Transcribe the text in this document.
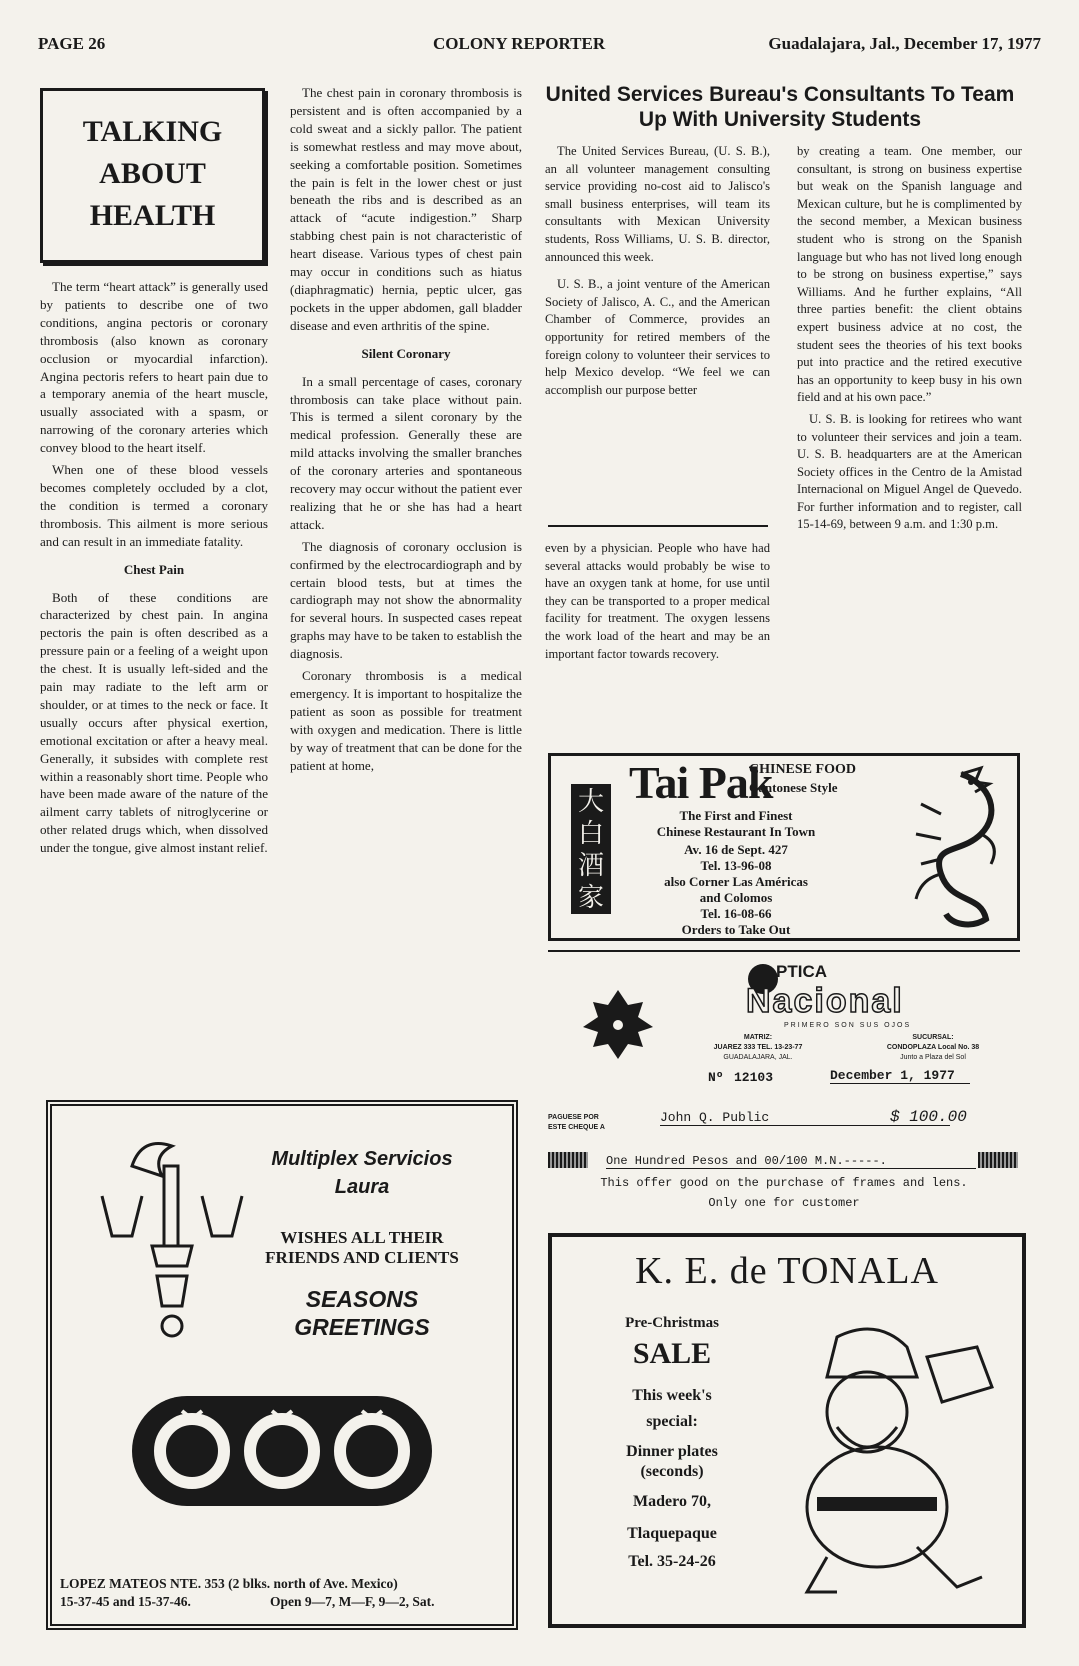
PAGE 26	COLONY REPORTER	Guadalajara, Jal., December 17, 1977
TALKING
ABOUT
HEALTH

The term “heart attack” is generally used by patients to describe one of two conditions, angina pectoris or coronary thrombosis (also known as coronary occlusion or myocardial infarction). Angina pectoris refers to heart pain due to a temporary anemia of the heart muscle, usually associated with a spasm, or narrowing of the coronary arteries which convey blood to the heart itself.

When one of these blood vessels becomes completely occluded by a clot, the condition is termed a coronary thrombosis. This ailment is more serious and can result in an immediate fatality.

Chest Pain

Both of these conditions are characterized by chest pain. In angina pectoris the pain is often described as a pressure pain or a feeling of a weight upon the chest. It is usually left-sided and the pain may radiate to the left arm or shoulder, or at times to the neck or face. It usually occurs after physical exertion, emotional excitation or after a heavy meal. Generally, it subsides with complete rest within a reasonably short time. People who have been made aware of the nature of the ailment carry tablets of nitroglycerine or other related drugs which, when dissolved under the tongue, give almost instant relief.

The chest pain in coronary thrombosis is persistent and is often accompanied by a cold sweat and a sickly pallor. The patient is somewhat restless and may move about, seeking a comfortable position. Sometimes the pain is felt in the lower chest or just beneath the ribs and is described as an attack of “acute indigestion.” Sharp stabbing chest pain is not characteristic of heart disease. Various types of chest pain may occur in conditions such as hiatus (diaphragmatic) hernia, peptic ulcer, gas pockets in the upper abdomen, gall bladder disease and even arthritis of the spine.

Silent Coronary

In a small percentage of cases, coronary thrombosis can take place without pain. This is termed a silent coronary by the medical profession. Generally these are mild attacks involving the smaller branches of the coronary arteries and spontaneous recovery may occur without the patient ever realizing that he or she has had a heart attack.

The diagnosis of coronary occlusion is confirmed by the electrocardiograph and by certain blood tests, but at times the cardiograph may not show the abnormality for several hours. In suspected cases repeat graphs may have to be taken to establish the diagnosis.

Coronary thrombosis is a medical emergency. It is important to hospitalize the patient as soon as possible for treatment with oxygen and medication. There is little by way of treatment that can be done for the patient at home,

United Services Bureau's Consultants To Team Up With University Students

The United Services Bureau, (U. S. B.), an all volunteer management consulting service providing no-cost aid to Jalisco's small business enterprises, will team its consultants with Mexican University students, Ross Williams, U. S. B. director, announced this week.

U. S. B., a joint venture of the American Society of Jalisco, A. C., and the American Chamber of Commerce, provides an opportunity for retired members of the foreign colony to volunteer their services to help Mexico develop. “We feel we can accomplish our purpose better

even by a physician. People who have had several attacks would probably be wise to have an oxygen tank at home, for use until they can be transported to a proper medical facility for treatment. The oxygen lessens the work load of the heart and may be an important factor towards recovery.

by creating a team. One member, our consultant, is strong on business expertise but weak on the Spanish language and Mexican culture, but he is complimented by the second member, a Mexican business student who is strong on the Spanish language but who has not lived long enough to be strong on business expertise,” says Williams. And he further explains, “All three parties benefit: the client obtains expert business advice at no cost, the student sees the theories of his text books put into practice and the retired executive has an opportunity to keep busy in his own field and at his own pace.”

U. S. B. is looking for retirees who want to volunteer their services and join a team. U. S. B. headquarters are at the American Society offices in the Centro de la Amistad Internacional on Miguel Angel de Quevedo. For further information and to register, call 15-14-69, between 9 a.m. and 1:30 p.m.

大白酒家
Tai Pak
CHINESE FOOD
Cantonese Style
The First and Finest
Chinese Restaurant In Town
Av. 16 de Sept. 427
Tel. 13-96-08
also Corner Las Américas
and Colomos
Tel. 16-08-66
Orders to Take Out
PTICA
Nacional
PRIMERO SON SUS OJOS
MATRIZ:
JUAREZ 333 TEL. 13-23-77
GUADALAJARA, JAL.
SUCURSAL:
CONDOPLAZA Local No. 38
Junto a Plaza del Sol
Nº 12103	December 1, 1977
PAGUESE POR
ESTE CHEQUE A
John Q. Public	$ 100.00
One Hundred Pesos and 00/100 M.N.-----.
This offer good on the purchase of frames and lens.
Only one for customer
Multiplex Servicios
Laura
WISHES ALL THEIR
FRIENDS AND CLIENTS
SEASONS
GREETINGS
LOPEZ MATEOS NTE. 353 (2 blks. north of Ave. Mexico)
15-37-45 and 15-37-46.	Open 9—7, M—F, 9—2, Sat.
K. E. de TONALA
Pre-Christmas
SALE
This week's
special:
Dinner plates
(seconds)
Madero 70,
Tlaquepaque
Tel. 35-24-26
